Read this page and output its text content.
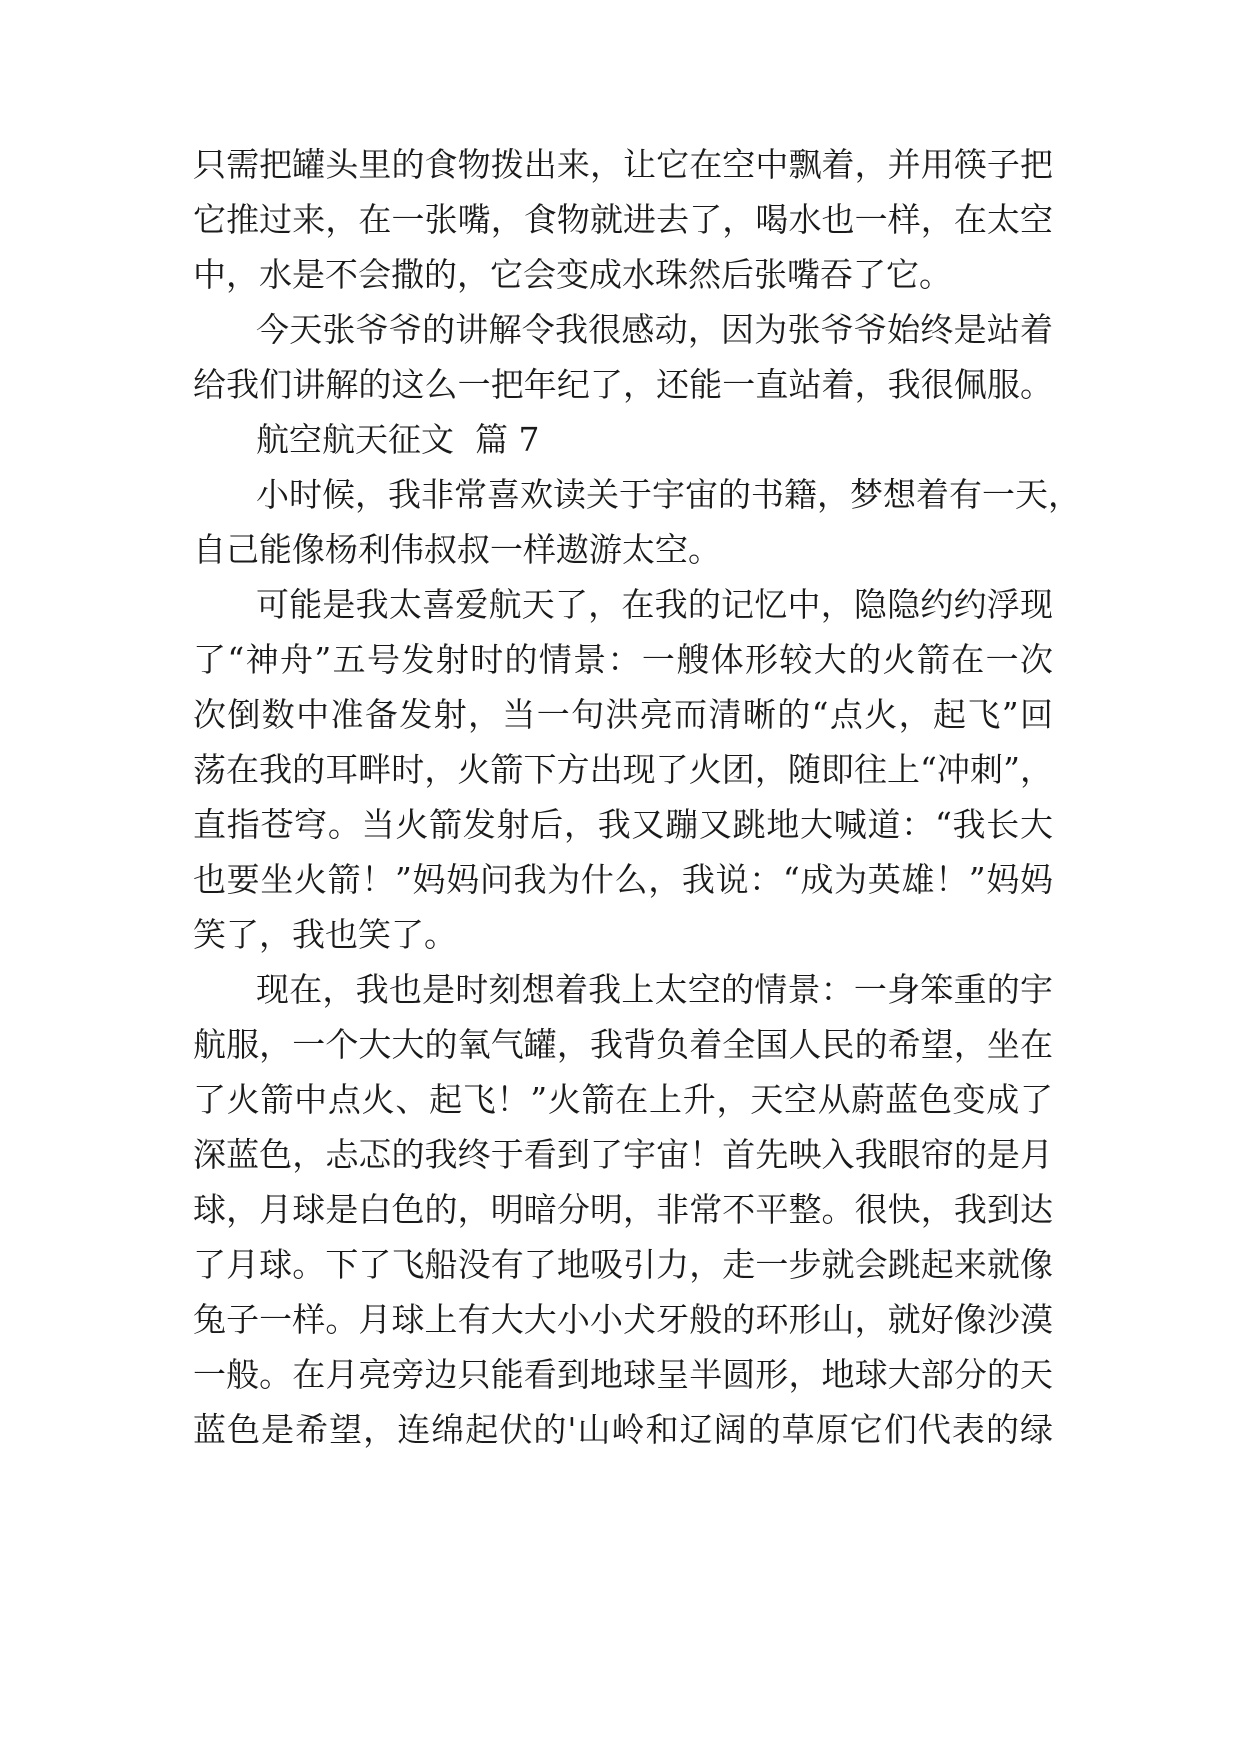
只需把罐头里的食物拨出来，让它在空中飘着，并用筷子把
它推过来，在一张嘴，食物就进去了，喝水也一样，在太空
中，水是不会撒的，它会变成水珠然后张嘴吞了它。
今天张爷爷的讲解令我很感动，因为张爷爷始终是站着
给我们讲解的这么一把年纪了，还能一直站着，我很佩服。
航空航天征文  篇 7
小时候，我非常喜欢读关于宇宙的书籍，梦想着有一天，
自己能像杨利伟叔叔一样遨游太空。
可能是我太喜爱航天了，在我的记忆中，隐隐约约浮现
了“神舟”五号发射时的情景：一艘体形较大的火箭在一次
次倒数中准备发射，当一句洪亮而清晰的“点火，起飞”回
荡在我的耳畔时，火箭下方出现了火团，随即往上“冲刺”，
直指苍穹。当火箭发射后，我又蹦又跳地大喊道：“我长大
也要坐火箭！”妈妈问我为什么，我说：“成为英雄！”妈妈
笑了，我也笑了。
现在，我也是时刻想着我上太空的情景：一身笨重的宇
航服，一个大大的氧气罐，我背负着全国人民的希望，坐在
了火箭中点火、起飞！”火箭在上升，天空从蔚蓝色变成了
深蓝色，忐忑的我终于看到了宇宙！首先映入我眼帘的是月
球，月球是白色的，明暗分明，非常不平整。很快，我到达
了月球。下了飞船没有了地吸引力，走一步就会跳起来就像
兔子一样。月球上有大大小小犬牙般的环形山，就好像沙漠
一般。在月亮旁边只能看到地球呈半圆形，地球大部分的天
蓝色是希望，连绵起伏的'山岭和辽阔的草原它们代表的绿
